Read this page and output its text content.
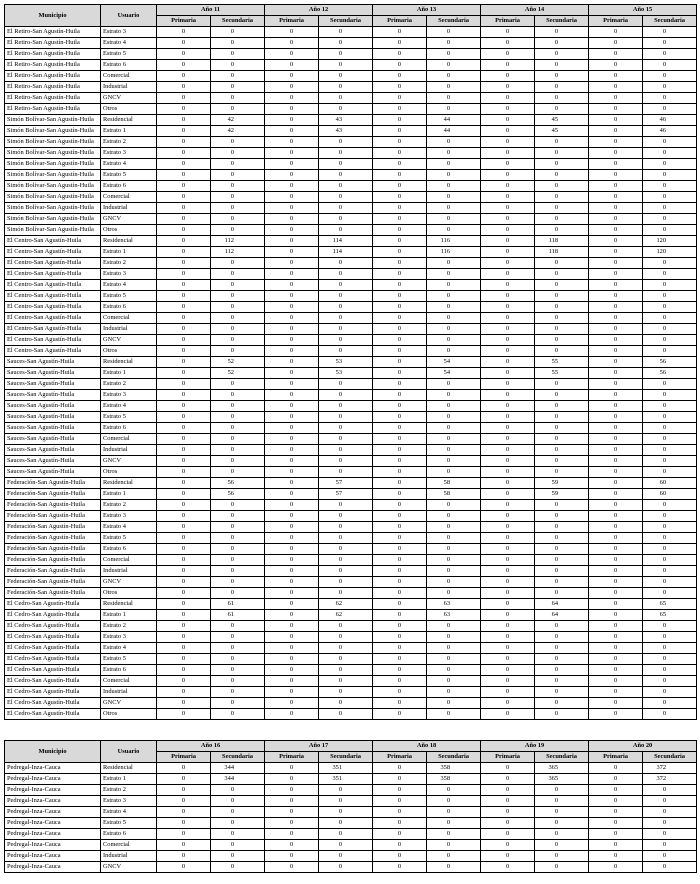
Municipio	Usuario	Año 11		Año 12		Año 13		Año 14		Año 15	
		Primaria	Secundaria	Primaria	Secundaria	Primaria	Secundaria	Primaria	Secundaria	Primaria	Secundaria
El Retiro-San Agustín-Huila	Estrato 3	0	0	0	0	0	0	0	0	0	0
El Retiro-San Agustín-Huila	Estrato 4	0	0	0	0	0	0	0	0	0	0
El Retiro-San Agustín-Huila	Estrato 5	0	0	0	0	0	0	0	0	0	0
El Retiro-San Agustín-Huila	Estrato 6	0	0	0	0	0	0	0	0	0	0
El Retiro-San Agustín-Huila	Comercial	0	0	0	0	0	0	0	0	0	0
El Retiro-San Agustín-Huila	Industrial	0	0	0	0	0	0	0	0	0	0
El Retiro-San Agustín-Huila	GNCV	0	0	0	0	0	0	0	0	0	0
El Retiro-San Agustín-Huila	Otros	0	0	0	0	0	0	0	0	0	0
Simón Bolívar-San Agustín-Huila	Residencial	0	42	0	43	0	44	0	45	0	46
Simón Bolívar-San Agustín-Huila	Estrato 1	0	42	0	43	0	44	0	45	0	46
Simón Bolívar-San Agustín-Huila	Estrato 2	0	0	0	0	0	0	0	0	0	0
Simón Bolívar-San Agustín-Huila	Estrato 3	0	0	0	0	0	0	0	0	0	0
Simón Bolívar-San Agustín-Huila	Estrato 4	0	0	0	0	0	0	0	0	0	0
Simón Bolívar-San Agustín-Huila	Estrato 5	0	0	0	0	0	0	0	0	0	0
Simón Bolívar-San Agustín-Huila	Estrato 6	0	0	0	0	0	0	0	0	0	0
Simón Bolívar-San Agustín-Huila	Comercial	0	0	0	0	0	0	0	0	0	0
Simón Bolívar-San Agustín-Huila	Industrial	0	0	0	0	0	0	0	0	0	0
Simón Bolívar-San Agustín-Huila	GNCV	0	0	0	0	0	0	0	0	0	0
Simón Bolívar-San Agustín-Huila	Otros	0	0	0	0	0	0	0	0	0	0
El Centro-San Agustín-Huila	Residencial	0	112	0	114	0	116	0	118	0	120
El Centro-San Agustín-Huila	Estrato 1	0	112	0	114	0	116	0	118	0	120
El Centro-San Agustín-Huila	Estrato 2	0	0	0	0	0	0	0	0	0	0
El Centro-San Agustín-Huila	Estrato 3	0	0	0	0	0	0	0	0	0	0
El Centro-San Agustín-Huila	Estrato 4	0	0	0	0	0	0	0	0	0	0
El Centro-San Agustín-Huila	Estrato 5	0	0	0	0	0	0	0	0	0	0
El Centro-San Agustín-Huila	Estrato 6	0	0	0	0	0	0	0	0	0	0
El Centro-San Agustín-Huila	Comercial	0	0	0	0	0	0	0	0	0	0
El Centro-San Agustín-Huila	Industrial	0	0	0	0	0	0	0	0	0	0
El Centro-San Agustín-Huila	GNCV	0	0	0	0	0	0	0	0	0	0
El Centro-San Agustín-Huila	Otros	0	0	0	0	0	0	0	0	0	0
Sauces-San Agustín-Huila	Residencial	0	52	0	53	0	54	0	55	0	56
Sauces-San Agustín-Huila	Estrato 1	0	52	0	53	0	54	0	55	0	56
Sauces-San Agustín-Huila	Estrato 2	0	0	0	0	0	0	0	0	0	0
Sauces-San Agustín-Huila	Estrato 3	0	0	0	0	0	0	0	0	0	0
Sauces-San Agustín-Huila	Estrato 4	0	0	0	0	0	0	0	0	0	0
Sauces-San Agustín-Huila	Estrato 5	0	0	0	0	0	0	0	0	0	0
Sauces-San Agustín-Huila	Estrato 6	0	0	0	0	0	0	0	0	0	0
Sauces-San Agustín-Huila	Comercial	0	0	0	0	0	0	0	0	0	0
Sauces-San Agustín-Huila	Industrial	0	0	0	0	0	0	0	0	0	0
Sauces-San Agustín-Huila	GNCV	0	0	0	0	0	0	0	0	0	0
Sauces-San Agustín-Huila	Otros	0	0	0	0	0	0	0	0	0	0
Federación-San Agustín-Huila	Residencial	0	56	0	57	0	58	0	59	0	60
Federación-San Agustín-Huila	Estrato 1	0	56	0	57	0	58	0	59	0	60
Federación-San Agustín-Huila	Estrato 2	0	0	0	0	0	0	0	0	0	0
Federación-San Agustín-Huila	Estrato 3	0	0	0	0	0	0	0	0	0	0
Federación-San Agustín-Huila	Estrato 4	0	0	0	0	0	0	0	0	0	0
Federación-San Agustín-Huila	Estrato 5	0	0	0	0	0	0	0	0	0	0
Federación-San Agustín-Huila	Estrato 6	0	0	0	0	0	0	0	0	0	0
Federación-San Agustín-Huila	Comercial	0	0	0	0	0	0	0	0	0	0
Federación-San Agustín-Huila	Industrial	0	0	0	0	0	0	0	0	0	0
Federación-San Agustín-Huila	GNCV	0	0	0	0	0	0	0	0	0	0
Federación-San Agustín-Huila	Otros	0	0	0	0	0	0	0	0	0	0
El Cedro-San Agustín-Huila	Residencial	0	61	0	62	0	63	0	64	0	65
El Cedro-San Agustín-Huila	Estrato 1	0	61	0	62	0	63	0	64	0	65
El Cedro-San Agustín-Huila	Estrato 2	0	0	0	0	0	0	0	0	0	0
El Cedro-San Agustín-Huila	Estrato 3	0	0	0	0	0	0	0	0	0	0
El Cedro-San Agustín-Huila	Estrato 4	0	0	0	0	0	0	0	0	0	0
El Cedro-San Agustín-Huila	Estrato 5	0	0	0	0	0	0	0	0	0	0
El Cedro-San Agustín-Huila	Estrato 6	0	0	0	0	0	0	0	0	0	0
El Cedro-San Agustín-Huila	Comercial	0	0	0	0	0	0	0	0	0	0
El Cedro-San Agustín-Huila	Industrial	0	0	0	0	0	0	0	0	0	0
El Cedro-San Agustín-Huila	GNCV	0	0	0	0	0	0	0	0	0	0
El Cedro-San Agustín-Huila	Otros	0	0	0	0	0	0	0	0	0	0
Municipio	Usuario	Año 16		Año 17		Año 18		Año 19		Año 20	
		Primaria	Secundaria	Primaria	Secundaria	Primaria	Secundaria	Primaria	Secundaria	Primaria	Secundaria
Pedregal-Inza-Cauca	Residencial	0	344	0	351	0	358	0	365	0	372
Pedregal-Inza-Cauca	Estrato 1	0	344	0	351	0	358	0	365	0	372
Pedregal-Inza-Cauca	Estrato 2	0	0	0	0	0	0	0	0	0	0
Pedregal-Inza-Cauca	Estrato 3	0	0	0	0	0	0	0	0	0	0
Pedregal-Inza-Cauca	Estrato 4	0	0	0	0	0	0	0	0	0	0
Pedregal-Inza-Cauca	Estrato 5	0	0	0	0	0	0	0	0	0	0
Pedregal-Inza-Cauca	Estrato 6	0	0	0	0	0	0	0	0	0	0
Pedregal-Inza-Cauca	Comercial	0	0	0	0	0	0	0	0	0	0
Pedregal-Inza-Cauca	Industrial	0	0	0	0	0	0	0	0	0	0
Pedregal-Inza-Cauca	GNCV	0	0	0	0	0	0	0	0	0	0
